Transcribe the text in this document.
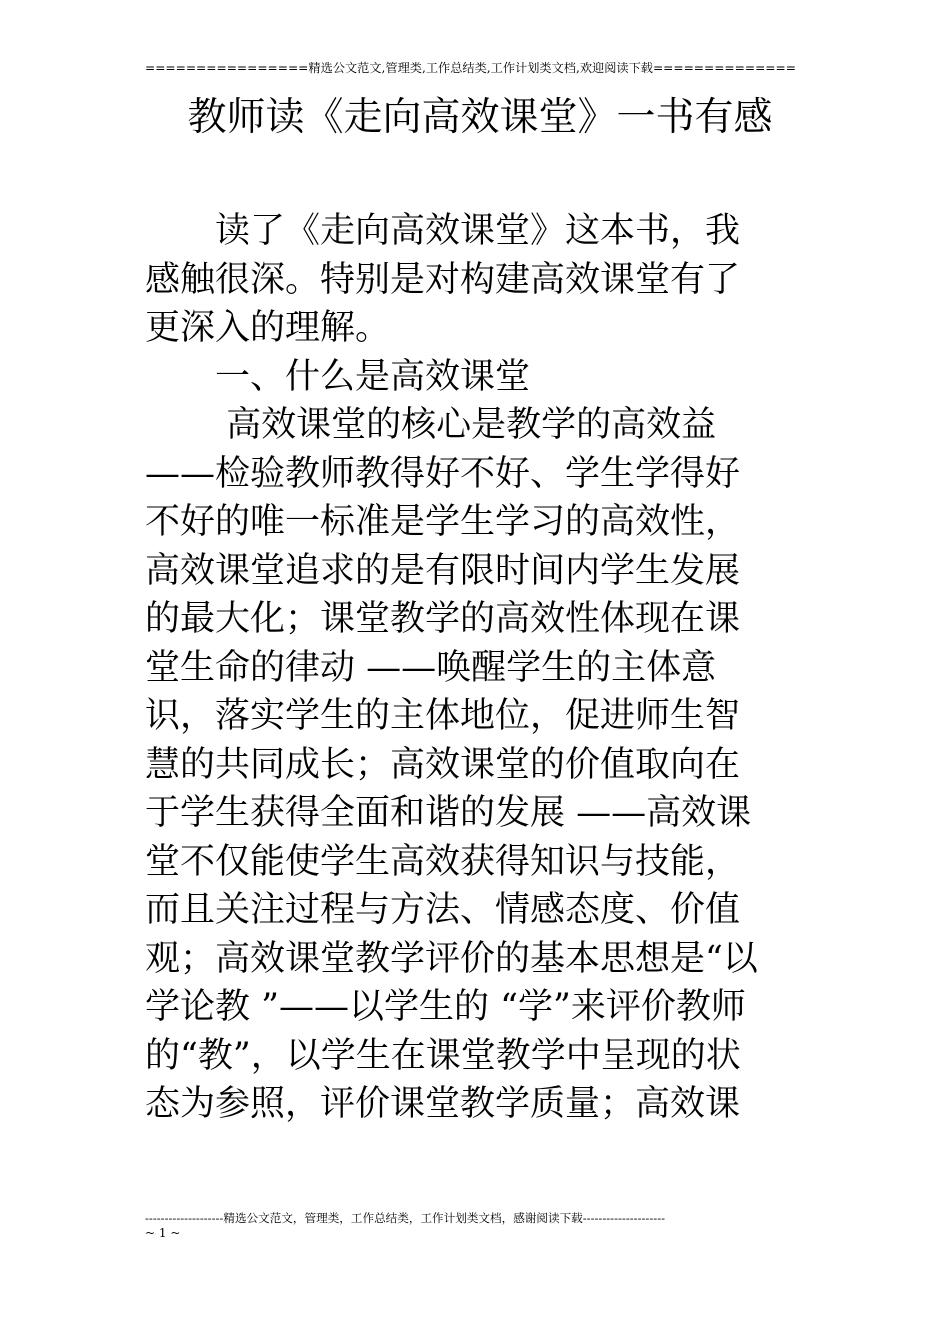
================精选公文范文,管理类,工作总结类,工作计划类文档,欢迎阅读下载==============
教师读《走向高效课堂》一书有感
　　读了《走向高效课堂》这本书，我
感触很深。特别是对构建高效课堂有了
更深入的理解。
　　一、什么是高效课堂
　　 高效课堂的核心是教学的高效益
——检验教师教得好不好、学生学得好
不好的唯一标准是学生学习的高效性，
高效课堂追求的是有限时间内学生发展
的最大化；课堂教学的高效性体现在课
堂生命的律动 ——唤醒学生的主体意
识，落实学生的主体地位，促进师生智
慧的共同成长；高效课堂的价值取向在
于学生获得全面和谐的发展 ——高效课
堂不仅能使学生高效获得知识与技能，
而且关注过程与方法、情感态度、价值
观；高效课堂教学评价的基本思想是“以
学论教 ”——以学生的 “学”来评价教师
的“教”，以学生在课堂教学中呈现的状
态为参照，评价课堂教学质量；高效课
--------------------精选公文范文，管理类，工作总结类，工作计划类文档，感谢阅读下载---------------------
~ 1 ~
